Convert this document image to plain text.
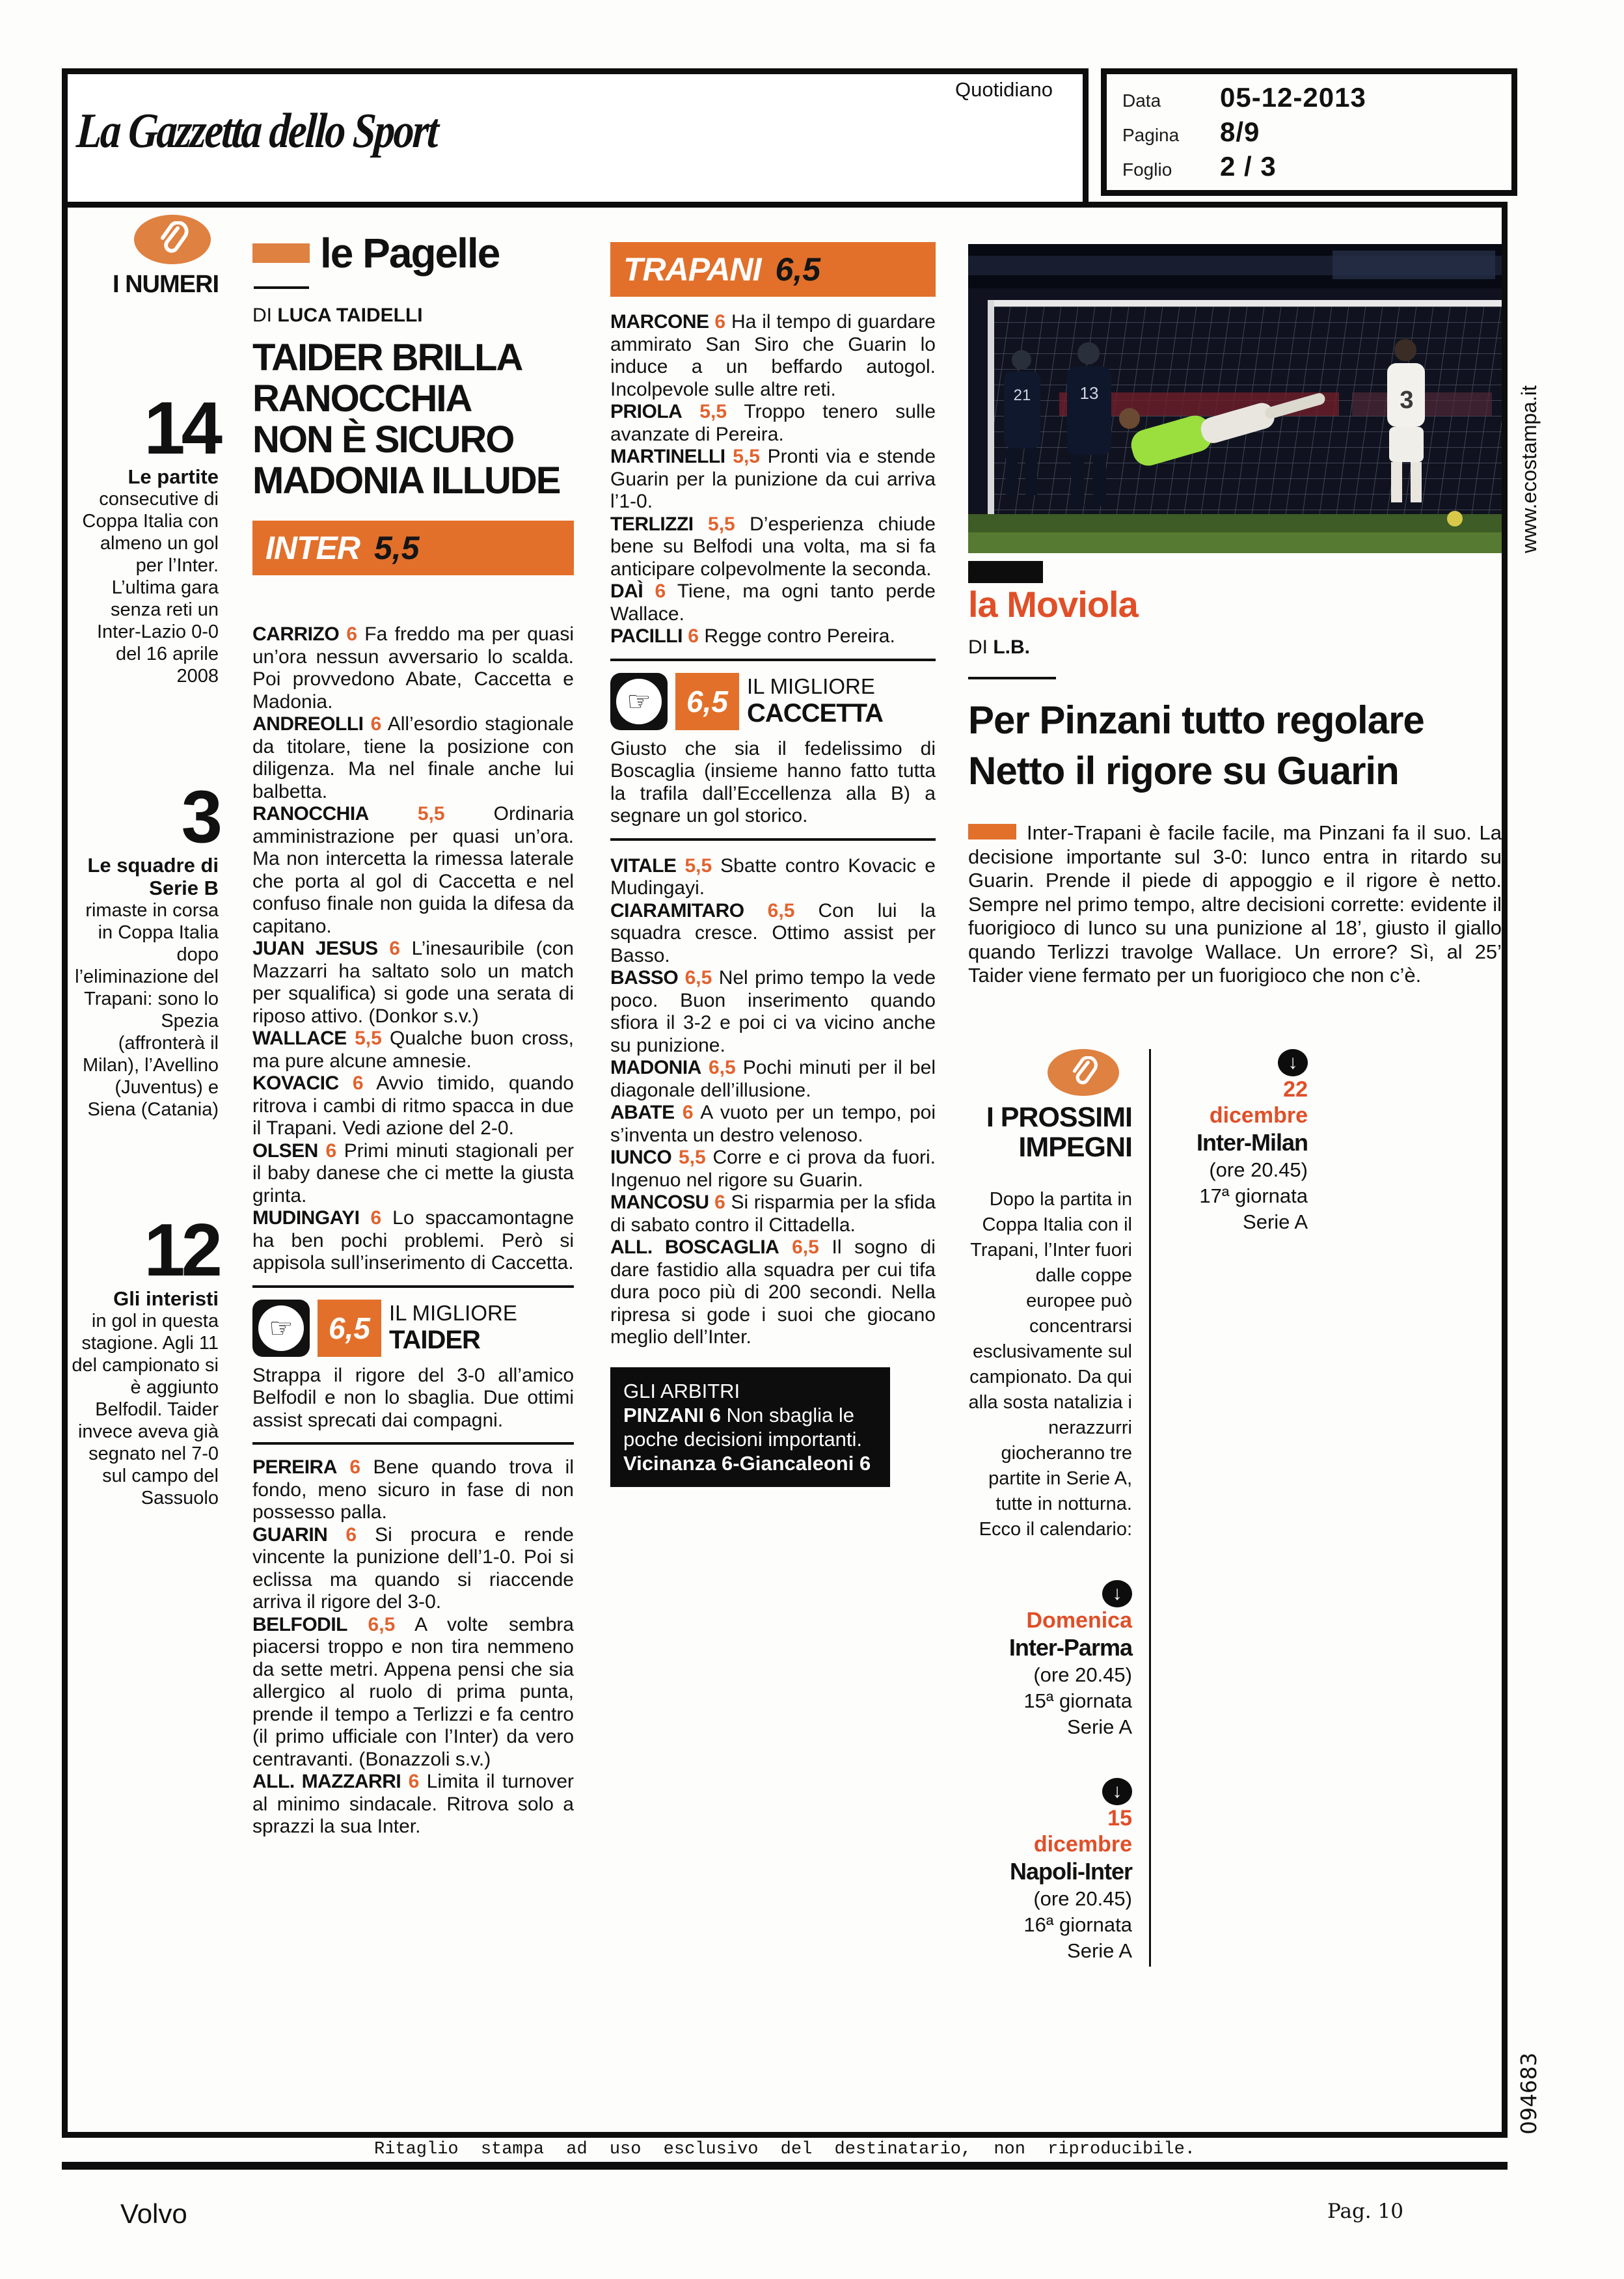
La Gazzetta dello Sport
Quotidiano	Data	05-12-2013
Pagina	8/9
Foglio	2 / 3
www.ecostampa.it
094683
I NUMERI
14
Le partite
consecutive di Coppa Italia con almeno un gol per l’Inter. L’ultima gara senza reti un Inter-Lazio 0-0 del 16 aprile 2008
3
Le squadre di Serie B
rimaste in corsa in Coppa Italia dopo l’eliminazione del Trapani: sono lo Spezia (affronterà il Milan), l’Avellino (Juventus) e Siena (Catania)
12
Gli interisti
in gol in questa stagione. Agli 11 del campionato si è aggiunto Belfodil. Taider invece aveva già segnato nel 7-0 sul campo del Sassuolo
le Pagelle
DI LUCA TAIDELLI
TAIDER BRILLA
RANOCCHIA
NON È SICURO
MADONIA ILLUDE
INTER 5,5

CARRIZO 6 Fa freddo ma per quasi un’ora nessun avversario lo scalda. Poi provvedono Abate, Caccetta e Madonia.

ANDREOLLI 6 All’esordio stagionale da titolare, tiene la posizione con diligenza. Ma nel finale anche lui balbetta.

RANOCCHIA	5,5	Ordinaria amministrazione per quasi un’ora. Ma non intercetta la rimessa laterale che porta al gol di Caccetta e nel confuso finale non guida la difesa da capitano.

JUAN JESUS 6 L’inesauribile (con Mazzarri ha saltato solo un match per squalifica) si gode una serata di riposo attivo. (Donkor s.v.)

WALLACE 5,5 Qualche buon cross, ma pure alcune amnesie.

KOVACIC 6 Avvio timido, quando ritrova i cambi di ritmo spacca in due il Trapani. Vedi azione del 2-0.

OLSEN 6 Primi minuti stagionali per il baby danese che ci mette la giusta grinta.

MUDINGAYI 6 Lo spaccamontagne ha ben pochi problemi. Però si appisola sull’inserimento di Caccetta.

☞	6,5 IL MIGLIORE
TAIDER
Strappa il rigore del 3-0 all’amico Belfodil e non lo sbaglia. Due ottimi assist sprecati dai compagni.

PEREIRA 6 Bene quando trova il fondo, meno sicuro in fase di non possesso palla.

GUARIN 6 Si procura e rende vincente la punizione dell’1-0. Poi si eclissa ma quando si riaccende arriva il rigore del 3-0.

BELFODIL 6,5 A volte sembra piacersi troppo e non tira nemmeno da sette metri. Appena pensi che sia allergico al ruolo di prima punta, prende il tempo a Terlizzi e fa centro (il primo ufficiale con l’Inter) da vero centravanti. (Bonazzoli s.v.)

ALL. MAZZARRI 6 Limita il turnover al minimo sindacale. Ritrova solo a sprazzi la sua Inter.

TRAPANI 6,5

MARCONE 6 Ha il tempo di guardare ammirato San Siro che Guarin lo induce a un beffardo autogol. Incolpevole sulle altre reti.

PRIOLA 5,5 Troppo tenero sulle avanzate di Pereira.

MARTINELLI 5,5 Pronti via e stende Guarin per la punizione da cui arriva l’1-0.

TERLIZZI 5,5 D’esperienza chiude bene su Belfodi una volta, ma si fa anticipare colpevolmente la seconda.

DAÌ 6 Tiene, ma ogni tanto perde Wallace.

PACILLI 6 Regge contro Pereira.

☞	6,5 IL MIGLIORE
CACCETTA
Giusto che sia il fedelissimo di Boscaglia (insieme hanno fatto tutta la trafila dall’Eccellenza alla B) a segnare un gol storico.

VITALE 5,5 Sbatte contro Kovacic e Mudingayi.

CIARAMITARO 6,5 Con lui la squadra cresce. Ottimo assist per Basso.

BASSO 6,5 Nel primo tempo la vede poco. Buon inserimento quando sfiora il 3-2 e poi ci va vicino anche su punizione.

MADONIA 6,5 Pochi minuti per il bel diagonale dell’illusione.

ABATE 6 A vuoto per un tempo, poi s’inventa un destro velenoso.

IUNCO 5,5 Corre e ci prova da fuori. Ingenuo nel rigore su Guarin.

MANCOSU 6 Si risparmia per la sfida di sabato contro il Cittadella.

ALL. BOSCAGLIA 6,5 Il sogno di dare fastidio alla squadra per cui tifa dura poco più di 200 secondi. Nella ripresa si gode i suoi che giocano meglio dell’Inter.

GLI ARBITRI
PINZANI 6 Non sbaglia le poche decisioni importanti.
Vicinanza 6-Giancaleoni 6
21	13	3
la Moviola
DI L.B.
Per Pinzani tutto regolare
Netto il rigore su Guarin
Inter-Trapani è facile facile, ma Pinzani fa il suo. La decisione importante sul 3-0: Iunco entra in ritardo su Guarin. Prende il piede di appoggio e il rigore è netto. Sempre nel primo tempo, altre decisioni corrette: evidente il fuorigioco di Iunco su una punizione al 18’, giusto il giallo quando Terlizzi travolge Wallace. Un errore? Sì, al 25’ Taider viene fermato per un fuorigioco che non c’è.
I PROSSIMI
IMPEGNI
Dopo la partita in Coppa Italia con il Trapani, l’Inter fuori dalle coppe europee può concentrarsi esclusivamente sul campionato. Da qui alla sosta natalizia i nerazzurri giocheranno tre partite in Serie A, tutte in notturna. Ecco il calendario:
↓
Domenica
Inter-Parma
(ore 20.45)
15ª giornata
Serie A
↓
15
dicembre
Napoli-Inter
(ore 20.45)
16ª giornata
Serie A
↓
22
dicembre
Inter-Milan
(ore 20.45)
17ª giornata
Serie A
Ritaglio stampa ad uso esclusivo del destinatario, non riproducibile.
Volvo	Pag. 10
